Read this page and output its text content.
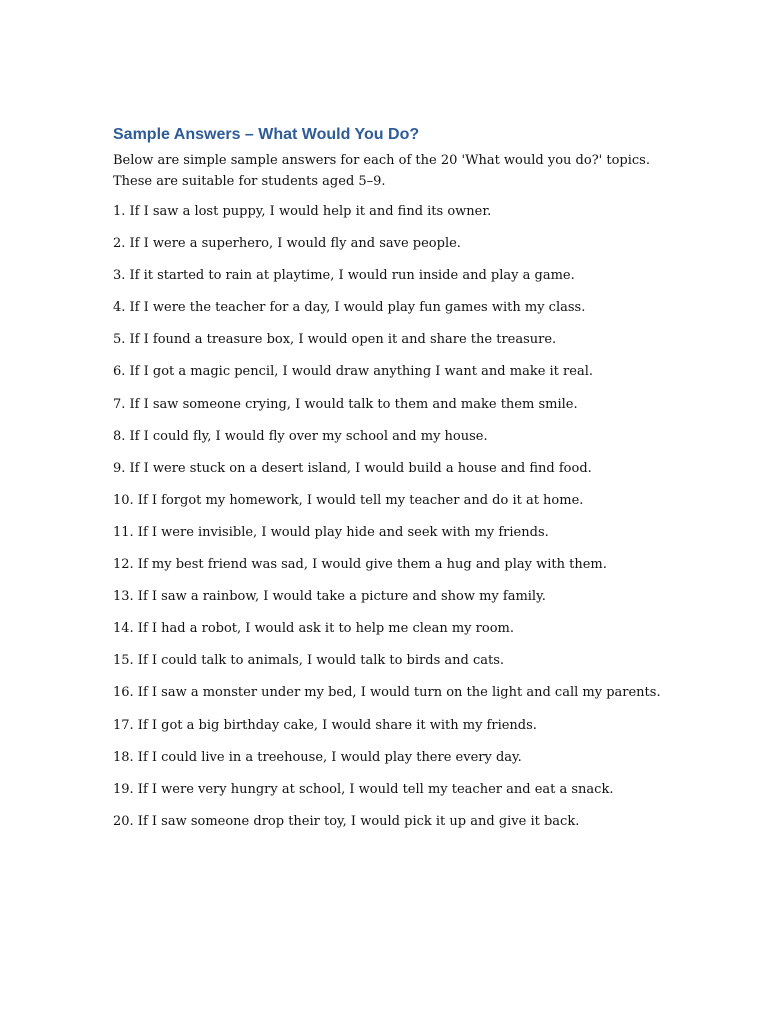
Sample Answers – What Would You Do?

Below are simple sample answers for each of the 20 'What would you do?' topics. These are suitable for students aged 5–9.

1. If I saw a lost puppy, I would help it and find its owner.
2. If I were a superhero, I would fly and save people.
3. If it started to rain at playtime, I would run inside and play a game.
4. If I were the teacher for a day, I would play fun games with my class.
5. If I found a treasure box, I would open it and share the treasure.
6. If I got a magic pencil, I would draw anything I want and make it real.
7. If I saw someone crying, I would talk to them and make them smile.
8. If I could fly, I would fly over my school and my house.
9. If I were stuck on a desert island, I would build a house and find food.
10. If I forgot my homework, I would tell my teacher and do it at home.
11. If I were invisible, I would play hide and seek with my friends.
12. If my best friend was sad, I would give them a hug and play with them.
13. If I saw a rainbow, I would take a picture and show my family.
14. If I had a robot, I would ask it to help me clean my room.
15. If I could talk to animals, I would talk to birds and cats.
16. If I saw a monster under my bed, I would turn on the light and call my parents.
17. If I got a big birthday cake, I would share it with my friends.
18. If I could live in a treehouse, I would play there every day.
19. If I were very hungry at school, I would tell my teacher and eat a snack.
20. If I saw someone drop their toy, I would pick it up and give it back.
